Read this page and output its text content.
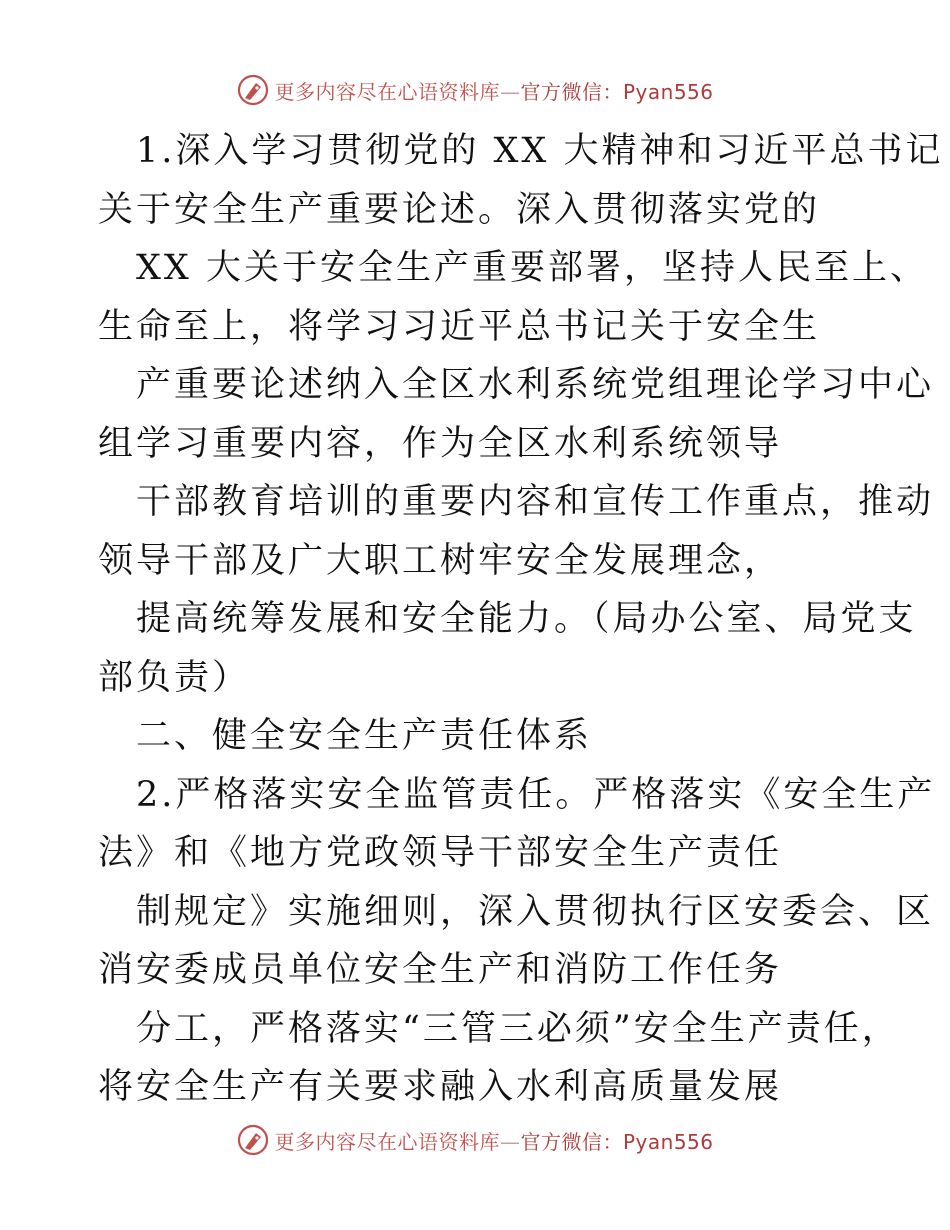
更多内容尽在心语资料库—官方微信：Pyan556
1.深入学习贯彻党的 XX 大精神和习近平总书记
关于安全生产重要论述。深入贯彻落实党的
XX 大关于安全生产重要部署，坚持人民至上、
生命至上，将学习习近平总书记关于安全生
产重要论述纳入全区水利系统党组理论学习中心
组学习重要内容，作为全区水利系统领导
干部教育培训的重要内容和宣传工作重点，推动
领导干部及广大职工树牢安全发展理念，
提高统筹发展和安全能力。（局办公室、局党支
部负责）
二、健全安全生产责任体系
2.严格落实安全监管责任。严格落实《安全生产
法》和《地方党政领导干部安全生产责任
制规定》实施细则，深入贯彻执行区安委会、区
消安委成员单位安全生产和消防工作任务
分工，严格落实“三管三必须”安全生产责任，
将安全生产有关要求融入水利高质量发展
更多内容尽在心语资料库—官方微信：Pyan556
